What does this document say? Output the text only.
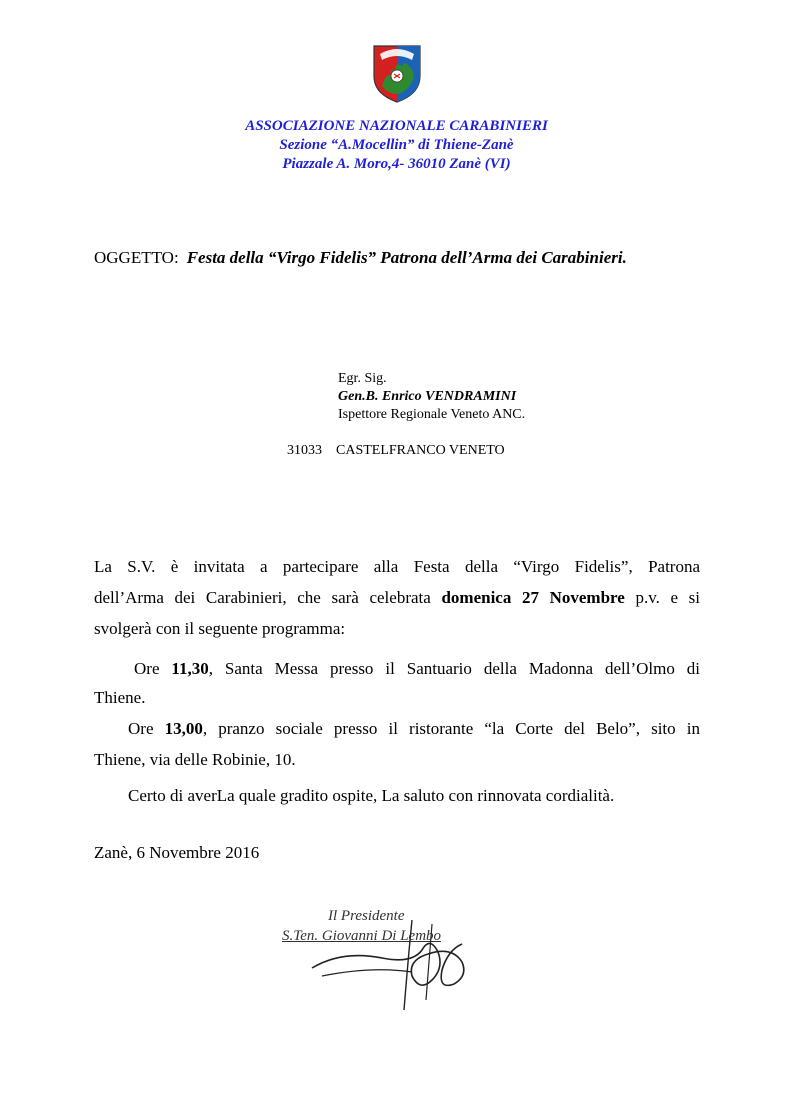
ASSOCIAZIONE NAZIONALE CARABINIERI
Sezione “A.Mocellin” di Thiene-Zanè
Piazzale A. Moro,4- 36010 Zanè (VI)
OGGETTO: Festa della “Virgo Fidelis” Patrona dell’Arma dei Carabinieri.
Egr. Sig.
Gen.B. Enrico VENDRAMINI
Ispettore Regionale Veneto ANC.
31033 CASTELFRANCO VENETO
La S.V. è invitata a partecipare alla Festa della “Virgo Fidelis”, Patrona
dell’Arma dei Carabinieri, che sarà celebrata domenica 27 Novembre p.v. e si
svolgerà con il seguente programma:
Ore 11,30, Santa Messa presso il Santuario della Madonna dell’Olmo di
Thiene.
Ore 13,00, pranzo sociale presso il ristorante “la Corte del Belo”, sito in
Thiene, via delle Robinie, 10.
Certo di averLa quale gradito ospite, La saluto con rinnovata cordialità.
Zanè, 6 Novembre 2016
Il Presidente
S.Ten. Giovanni Di Lembo
